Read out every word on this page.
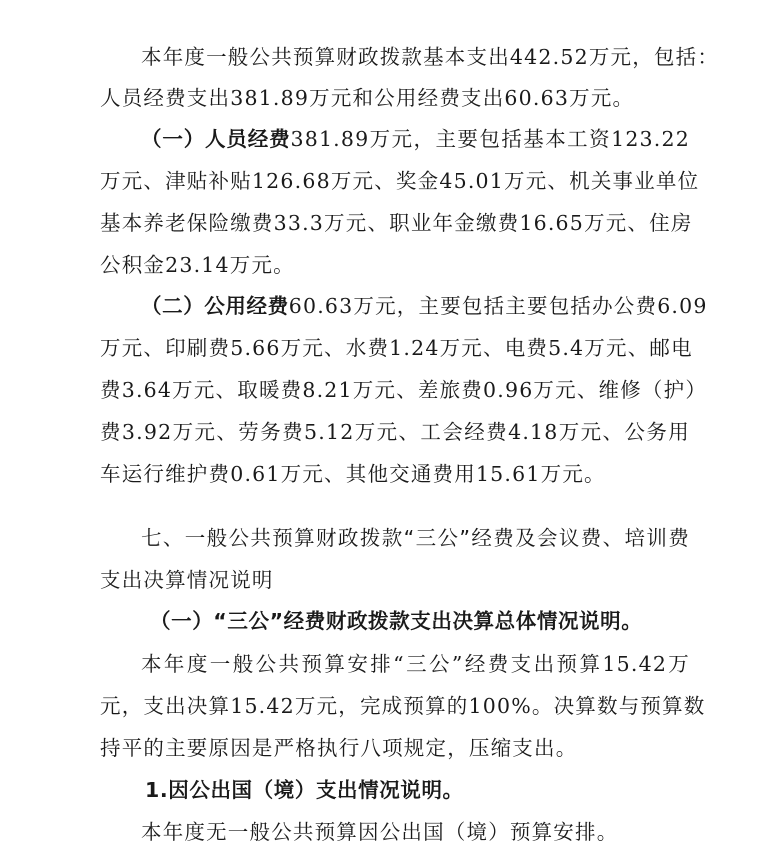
本年度一般公共预算财政拨款基本支出442.52万元，包括：
人员经费支出381.89万元和公用经费支出60.63万元。
（一）人员经费381.89万元，主要包括基本工资123.22
万元、津贴补贴126.68万元、奖金45.01万元、机关事业单位
基本养老保险缴费33.3万元、职业年金缴费16.65万元、住房
公积金23.14万元。
（二）公用经费60.63万元，主要包括主要包括办公费6.09
万元、印刷费5.66万元、水费1.24万元、电费5.4万元、邮电
费3.64万元、取暖费8.21万元、差旅费0.96万元、维修（护）
费3.92万元、劳务费5.12万元、工会经费4.18万元、公务用
车运行维护费0.61万元、其他交通费用15.61万元。
七、一般公共预算财政拨款“三公”经费及会议费、培训费
支出决算情况说明
（一）“三公”经费财政拨款支出决算总体情况说明。
本年度一般公共预算安排“三公”经费支出预算15.42万
元，支出决算15.42万元，完成预算的100%。决算数与预算数
持平的主要原因是严格执行八项规定，压缩支出。
1.因公出国（境）支出情况说明。
本年度无一般公共预算因公出国（境）预算安排。
